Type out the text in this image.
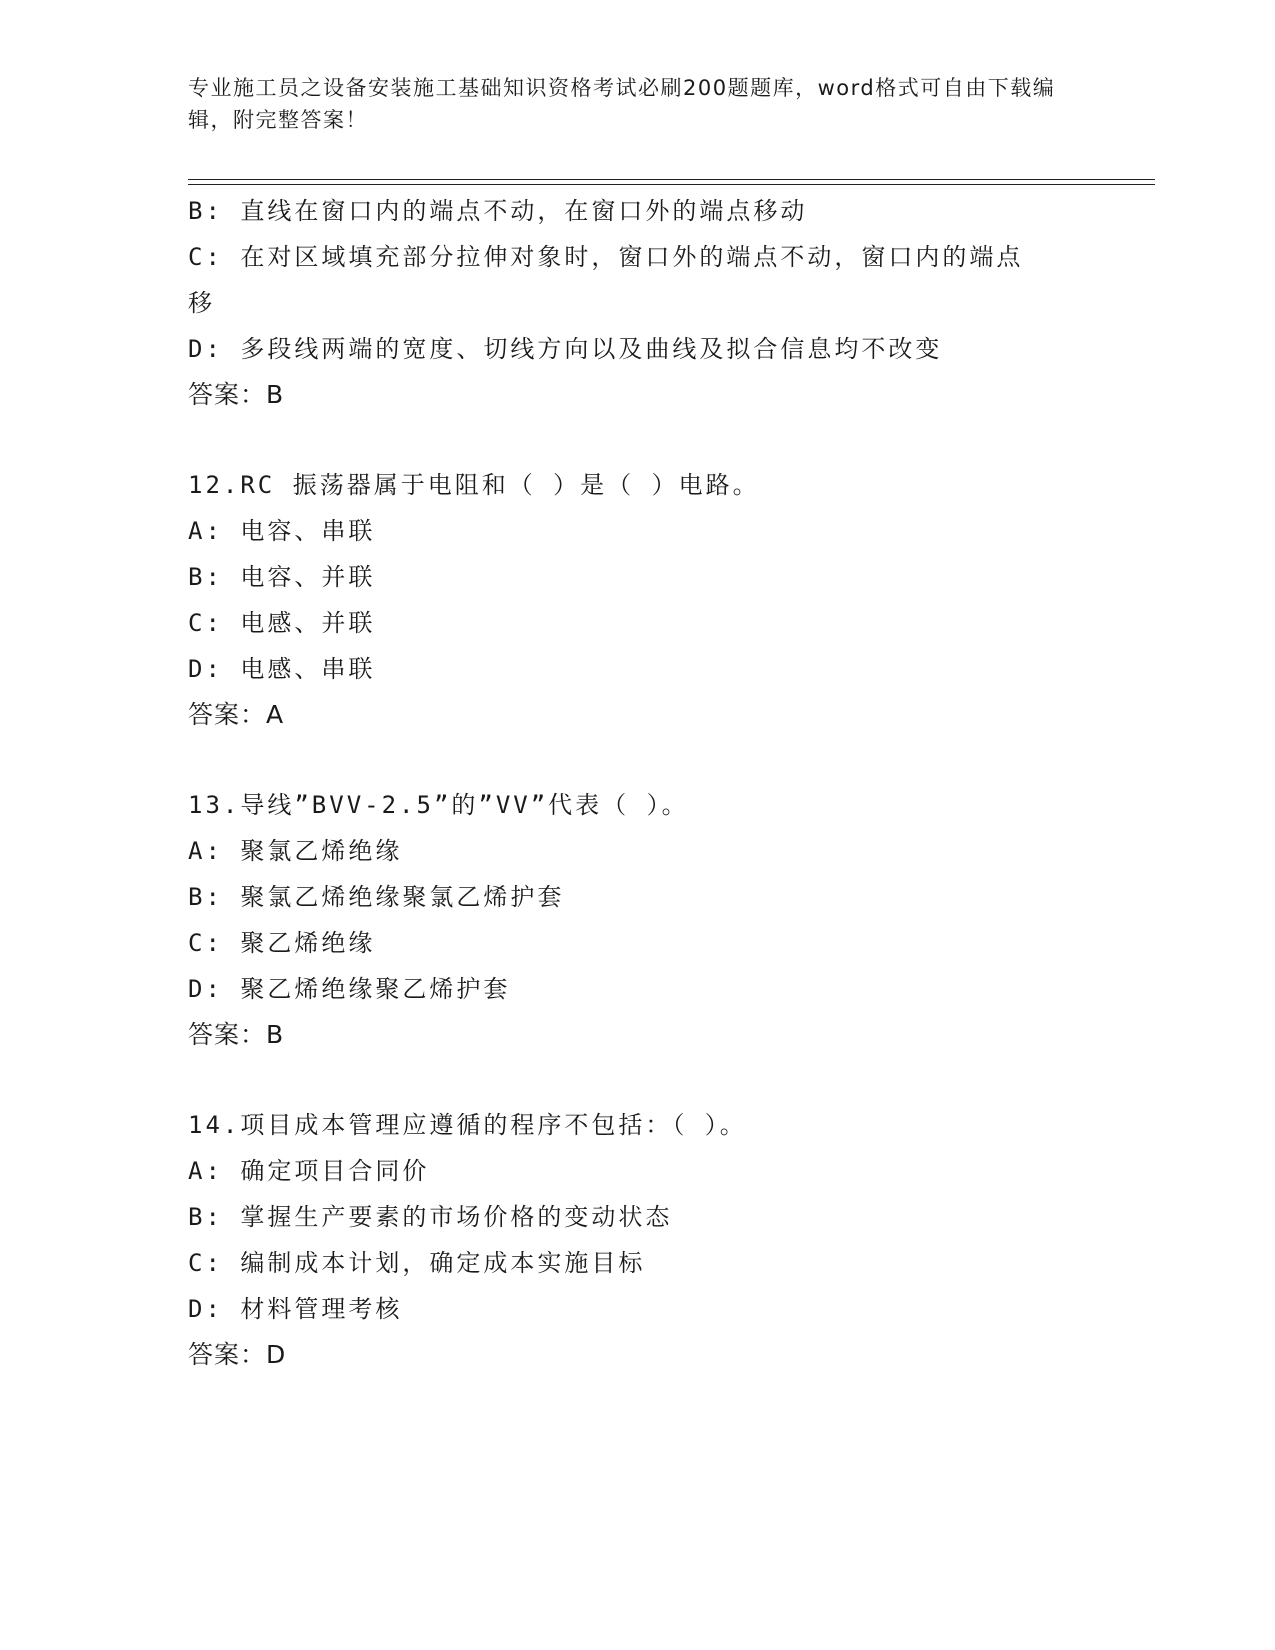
专业施工员之设备安装施工基础知识资格考试必刷200题题库，word格式可自由下载编辑，附完整答案！
B: 直线在窗口内的端点不动，在窗口外的端点移动
C: 在对区域填充部分拉伸对象时，窗口外的端点不动，窗口内的端点
移
D: 多段线两端的宽度、切线方向以及曲线及拟合信息均不改变
答案：B
12.RC 振荡器属于电阻和（ ）是（ ）电路。
A: 电容、串联
B: 电容、并联
C: 电感、并联
D: 电感、串联
答案：A
13.导线”BVV-2.5”的”VV”代表（ ）。
A: 聚氯乙烯绝缘
B: 聚氯乙烯绝缘聚氯乙烯护套
C: 聚乙烯绝缘
D: 聚乙烯绝缘聚乙烯护套
答案：B
14.项目成本管理应遵循的程序不包括：（ ）。
A: 确定项目合同价
B: 掌握生产要素的市场价格的变动状态
C: 编制成本计划，确定成本实施目标
D: 材料管理考核
答案：D
